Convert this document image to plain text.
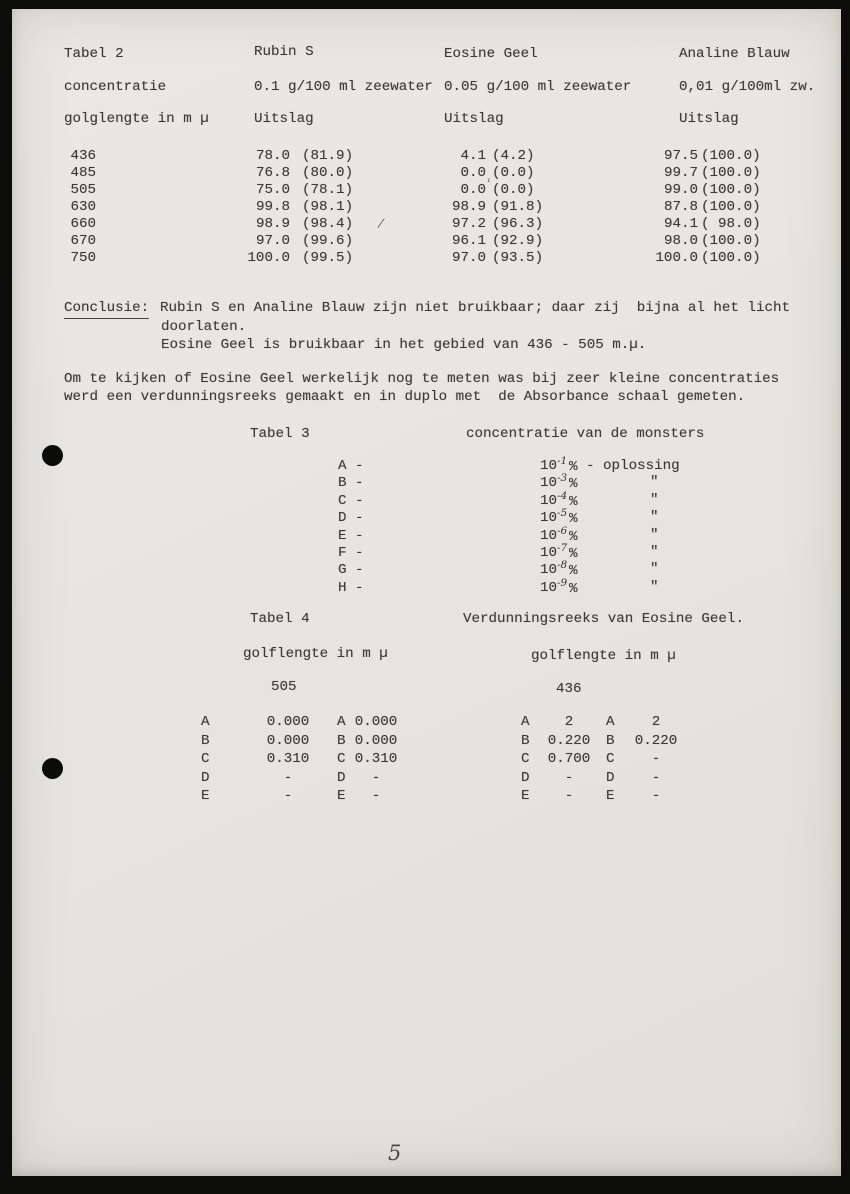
Tabel 2	Rubin S	Eosine Geel	Analine Blauw
concentratie	0.1 g/100 ml zeewater 0.05 g/100 ml zeewater	0,01 g/100ml zw.
golglengte in m µ	Uitslag	Uitslag	Uitslag
436	78.0 (81.9)	4.1 (4.2)	97.5 (100.0)
485	76.8 (80.0)	0.0 (0.0)	99.7 (100.0)
505	75.0 (78.1)	0.0 (0.0)	99.0 (100.0)
630	99.8 (98.1)	98.9 (91.8)	87.8 (100.0)
660	98.9 (98.4)	97.2 (96.3)	94.1 ( 98.0)
670	97.0 (99.6)	96.1 (92.9)	98.0 (100.0)
750	100.0 (99.5)	97.0 (93.5)	100.0 (100.0)
¹
/
Conclusie: Rubin S en Analine Blauw zijn niet bruikbaar; daar zij  bijna al het licht
doorlaten.
Eosine Geel is bruikbaar in het gebied van 436 - 505 m.µ.
Om te kijken of Eosine Geel werkelijk nog te meten was bij zeer kleine concentraties
werd een verdunningsreeks gemaakt en in duplo met  de Absorbance schaal gemeten.
Tabel 3	concentratie van de monsters
A -	10 -1 % - oplossing
B -	10 -3 %	"
C -	10 -4 %	"
D -	10 -5 %	"
E -	10 -6 %	"
F -	10 -7 %	"
G -	10 -8 %	"
H -	10 -9 %	"
Tabel 4	Verdunningsreeks van Eosine Geel.
golflengte in m µ	golflengte in m µ
505	436
A	0.000	A 0.000	A	2	A	2
B	0.000	B 0.000	B	0.220	B	0.220
C	0.310	C 0.310	C	0.700	C	-
D	-	D	-	D	-	D	-
E	-	E	-	E	-	E	-
5
